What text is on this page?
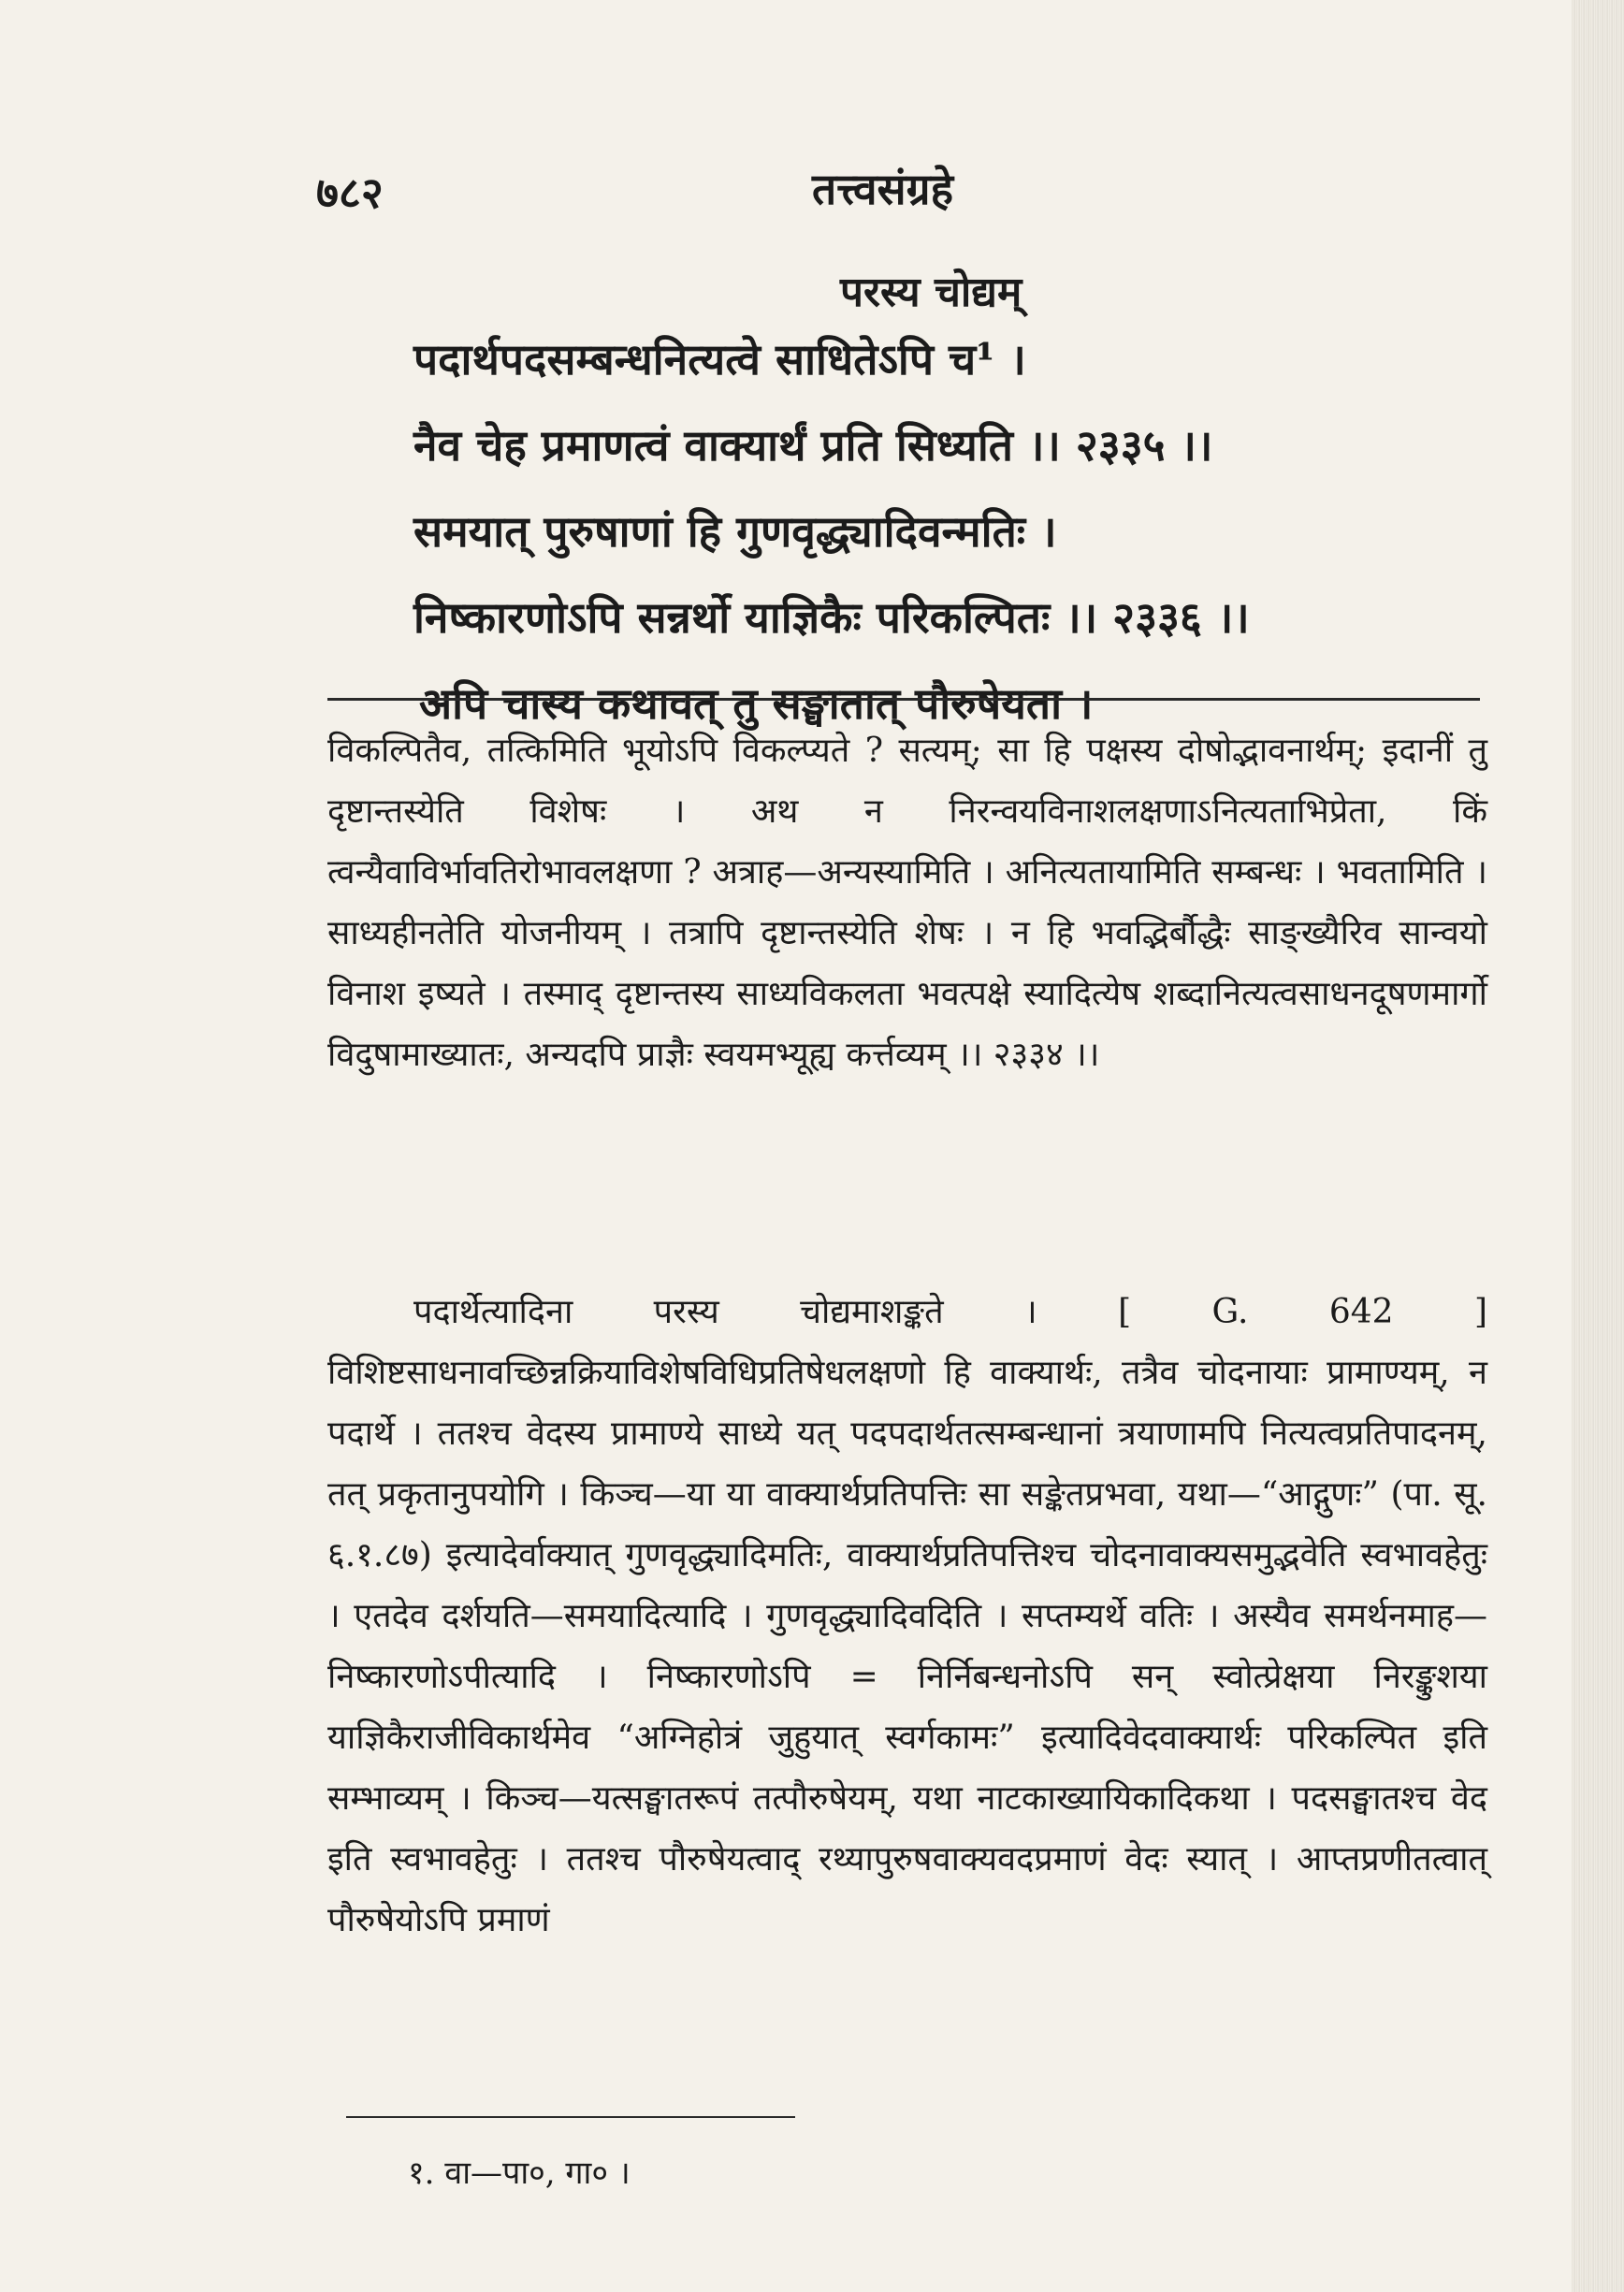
७८२	तत्त्वसंग्रहे
परस्य चोद्यम्
पदार्थपदसम्बन्धनित्यत्वे साधितेऽपि च¹ ।
नैव चेह प्रमाणत्वं वाक्यार्थं प्रति सिध्यति ।। २३३५ ।।
समयात् पुरुषाणां हि गुणवृद्ध्यादिवन्मतिः ।
निष्कारणोऽपि सन्नर्थो याज्ञिकैः परिकल्पितः ।। २३३६ ।।
अपि चास्य कथावत् तु सङ्घातात् पौरुषेयता ।

विकल्पितैव, तत्किमिति भूयोऽपि विकल्प्यते ? सत्यम्; सा हि पक्षस्य दोषोद्भावनार्थम्; इदानीं तु दृष्टान्तस्येति विशेषः । अथ न निरन्वयविनाशलक्षणाऽनित्यताभिप्रेता, किं त्वन्यैवाविर्भावतिरोभावलक्षणा ? अत्राह—अन्यस्यामिति । अनित्यतायामिति सम्बन्धः । भवतामिति । साध्यहीनतेति योजनीयम् । तत्रापि दृष्टान्तस्येति शेषः । न हि भवद्भिर्बौद्धैः साङ्ख्यैरिव सान्वयो विनाश इष्यते । तस्माद् दृष्टान्तस्य साध्यविकलता भवत्पक्षे स्यादित्येष शब्दानित्यत्वसाधनदूषणमार्गो विदुषामाख्यातः, अन्यदपि प्राज्ञैः स्वयमभ्यूह्य कर्त्तव्यम् ।। २३३४ ।।

पदार्थेत्यादिना परस्य चोद्यमाशङ्कते । [ G. 642 ] विशिष्टसाधनावच्छिन्नक्रियाविशेषविधिप्रतिषेधलक्षणो हि वाक्यार्थः, तत्रैव चोदनायाः प्रामाण्यम्, न पदार्थे । ततश्च वेदस्य प्रामाण्ये साध्ये यत् पदपदार्थतत्सम्बन्धानां त्रयाणामपि नित्यत्वप्रतिपादनम्, तत् प्रकृतानुपयोगि । किञ्च—या या वाक्यार्थप्रतिपत्तिः सा सङ्केतप्रभवा, यथा—“आद्गुणः” (पा. सू. ६.१.८७) इत्यादेर्वाक्यात् गुणवृद्ध्यादिमतिः, वाक्यार्थप्रतिपत्तिश्च चोदनावाक्यसमुद्भवेति स्वभावहेतुः । एतदेव दर्शयति—समयादित्यादि । गुणवृद्ध्यादिवदिति । सप्तम्यर्थे वतिः । अस्यैव समर्थनमाह—निष्कारणोऽपीत्यादि । निष्कारणोऽपि = निर्निबन्धनोऽपि सन् स्वोत्प्रेक्षया निरङ्कुशया याज्ञिकैराजीविकार्थमेव “अग्निहोत्रं जुहुयात् स्वर्गकामः” इत्यादिवेदवाक्यार्थः परिकल्पित इति सम्भाव्यम् । किञ्च—यत्सङ्घातरूपं तत्पौरुषेयम्, यथा नाटकाख्यायिकादिकथा । पदसङ्घातश्च वेद इति स्वभावहेतुः । ततश्च पौरुषेयत्वाद् रथ्यापुरुषवाक्यवदप्रमाणं वेदः स्यात् । आप्तप्रणीतत्वात् पौरुषेयोऽपि प्रमाणं

१. वा—पा०, गा० ।
